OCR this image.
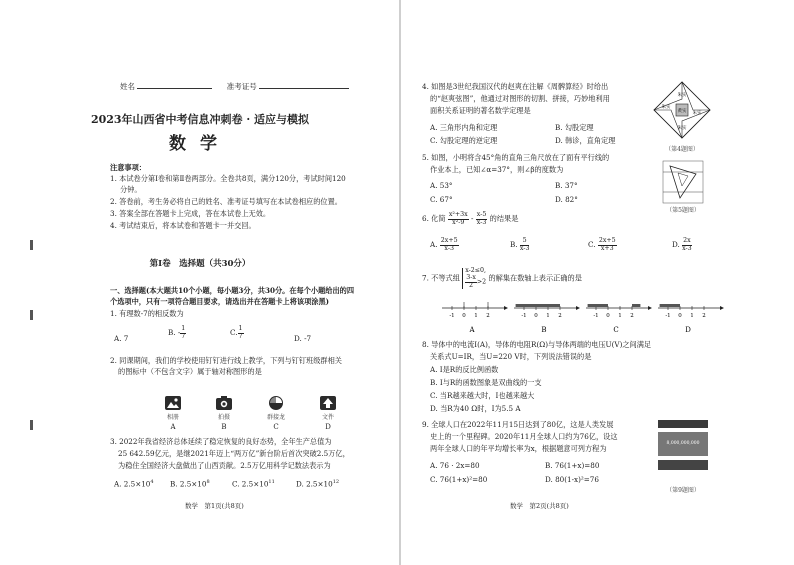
姓名	准考证号
2023年山西省中考信息冲刺卷 · 适应与模拟
数学
注意事项：
1. 本试卷分第Ⅰ卷和第Ⅱ卷两部分。全卷共8页，满分120分，考试时间120
分钟。
2. 答卷前，考生务必将自己的姓名、准考证号填写在本试卷相应的位置。
3. 答案全部在答题卡上完成，答在本试卷上无效。
4. 考试结束后，将本试卷和答题卡一并交回。
第Ⅰ卷　选择题（共30分）
一、选择题(本大题共10个小题，每小题3分，共30分。在每个小题给出的四
个选项中，只有一项符合题目要求，请选出并在答题卡上将该项涂黑)
1. 有理数-7的相反数为
A. 7
B. - $\frac{1}{7}$	C. $\frac{1}{7}$	D. -7
2. 同课期间，我们的学校使用钉钉进行线上教学，下列与钉钉班级群相关
的图标中（不包含文字）属于轴对称图形的是
相册
A
拍摄
B
群接龙
C
文件
D
3. 2022年我省经济总体延续了稳定恢复的良好态势，全年生产总值为
25 642.59亿元，是继2021年迈上“两万亿”新台阶后首次突破2.5万亿，
为稳住全国经济大盘做出了山西贡献。2.5万亿用科学记数法表示为
A. $2.5\times 10^4$ B. $2.5\times 10^8$	C. $2.5\times 10^{11}$	D. $2.5\times 10^{12}$
数学　第1页(共8页)
4. 如图是3世纪我国汉代的赵爽在注解《周髀算经》时给出
的“赵爽弦图”，他通过对图形的切割、拼接，巧妙地利用
面积关系证明的著名数学定理是
A. 三角形内角和定理	B. 勾股定理
C. 勾股定理的逆定理	D. 韩诊，直角定理
朱实
黄实 朱实
朱实
朱实
（第4题图）
5. 如图，小明将含45°角的直角三角尺放在了面有平行线的
作业本上，已知∠α=37°，则∠β的度数为
A. 53°	B. 37°
C. 67°	D. 82°
（第5题图）
6. 化简 $\frac{\text{x²+3x}}{\text{x²-9}} - \frac{x-5}{x-3}$ 的结果是
A. $\frac{2x+5}{x-3}$	B. $\frac{5}{x-3}$	C. $\frac{2x+5}{x+3}$	D. $\frac{2x}{x-3}$
7. 不等式组
x-2≤0,
$\frac{3-x}{2} >2$ 的解集在数轴上表示正确的是
-1 0 1 2
A
-1 0 1 2
B
-1 0 1 2
C
-1 0 1 2
D
8. 导体中的电流I(A)，导体的电阻R(Ω)与导体两端的电压U(V)之间满足
关系式U=IR，当U=220 V时，下列说法错误的是
A. I是R的反比例函数
B. I与R的函数图象是双曲线的一支
C. 当R越来越大时，I也越来越大
D. 当R为40 Ω时，I为5.5 A
9. 全球人口在2022年11月15日达到了80亿，这是人类发展
史上的一个里程碑。2020年11月全球人口约为76亿，设这
两年全球人口的年平均增长率为x，根据题意可列方程为
A. 76 · 2x=80	B. 76(1+x)=80
C. 76(1+x)²=80	D. 80(1-x)²=76
8,000,000,000
（第9题图）
数学　第2页(共8页)
